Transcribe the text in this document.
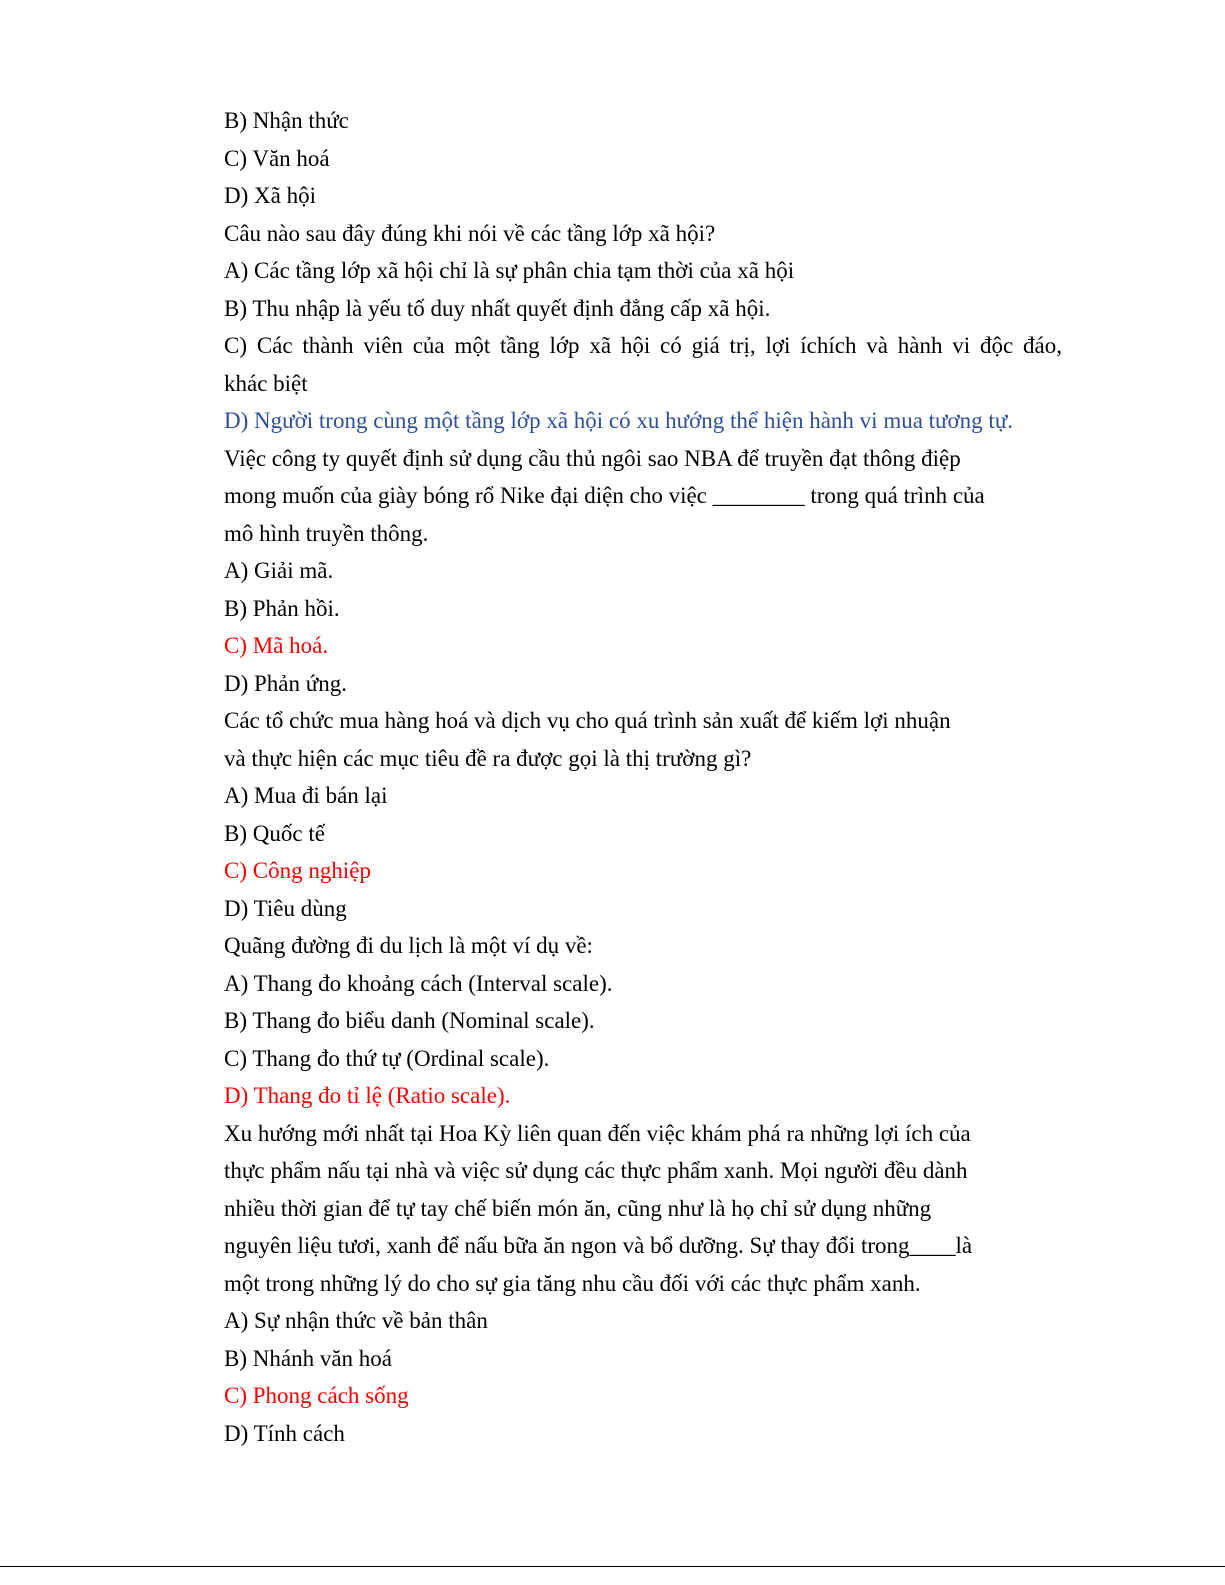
B) Nhận thức
C) Văn hoá
D) Xã hội
Câu nào sau đây đúng khi nói về các tầng lớp xã hội?
A) Các tầng lớp xã hội chỉ là sự phân chia tạm thời của xã hội
B) Thu nhập là yếu tố duy nhất quyết định đẳng cấp xã hội.
C) Các thành viên của một tầng lớp xã hội có giá trị, lợi íchích và hành vi độc đáo,
khác biệt
D) Người trong cùng một tầng lớp xã hội có xu hướng thể hiện hành vi mua tương tự.
Việc công ty quyết định sử dụng cầu thủ ngôi sao NBA để truyền đạt thông điệp
mong muốn của giày bóng rổ Nike đại diện cho việc ________ trong quá trình của
mô hình truyền thông.
A) Giải mã.
B) Phản hồi.
C) Mã hoá.
D) Phản ứng.
Các tổ chức mua hàng hoá và dịch vụ cho quá trình sản xuất để kiếm lợi nhuận
và thực hiện các mục tiêu đề ra được gọi là thị trường gì?
A) Mua đi bán lại
B) Quốc tế
C) Công nghiệp
D) Tiêu dùng
Quãng đường đi du lịch là một ví dụ về:
A) Thang đo khoảng cách (Interval scale).
B) Thang đo biểu danh (Nominal scale).
C) Thang đo thứ tự (Ordinal scale).
D) Thang đo tỉ lệ (Ratio scale).
Xu hướng mới nhất tại Hoa Kỳ liên quan đến việc khám phá ra những lợi ích của
thực phẩm nấu tại nhà và việc sử dụng các thực phẩm xanh. Mọi người đều dành
nhiều thời gian để tự tay chế biến món ăn, cũng như là họ chỉ sử dụng những
nguyên liệu tươi, xanh để nấu bữa ăn ngon và bổ dưỡng. Sự thay đổi trong____là
một trong những lý do cho sự gia tăng nhu cầu đối với các thực phẩm xanh.
A) Sự nhận thức về bản thân
B) Nhánh văn hoá
C) Phong cách sống
D) Tính cách
